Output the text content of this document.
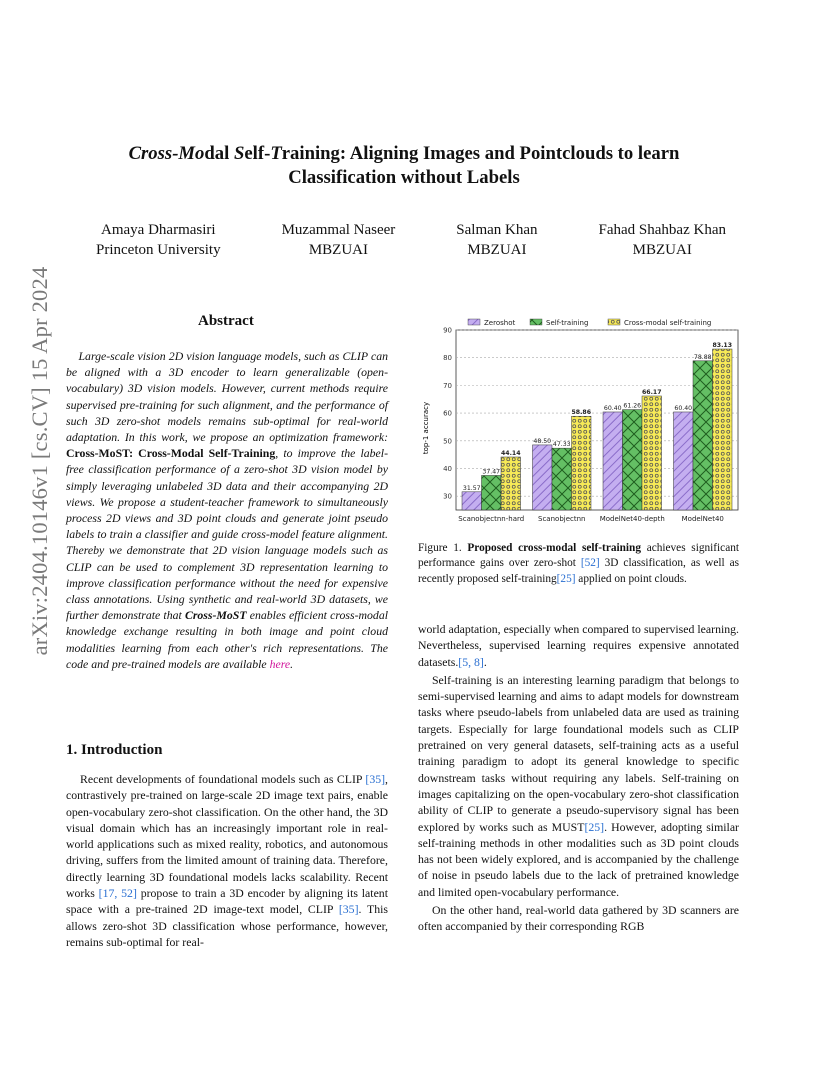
arXiv:2404.10146v1 [cs.CV] 15 Apr 2024
Cross-Modal Self-Training: Aligning Images and Pointclouds to learn
Classification without Labels
Amaya Dharmasiri
Princeton University
Muzammal Naseer
MBZUAI
Salman Khan
MBZUAI
Fahad Shahbaz Khan
MBZUAI
Abstract
Large-scale vision 2D vision language models, such as CLIP can be aligned with a 3D encoder to learn generalizable (open-vocabulary) 3D vision models. However, current methods require supervised pre-training for such alignment, and the performance of such 3D zero-shot models remains sub-optimal for real-world adaptation. In this work, we propose an optimization framework: Cross-MoST: Cross-Modal Self-Training, to improve the label-free classification performance of a zero-shot 3D vision model by simply leveraging unlabeled 3D data and their accompanying 2D views. We propose a student-teacher framework to simultaneously process 2D views and 3D point clouds and generate joint pseudo labels to train a classifier and guide cross-model feature alignment. Thereby we demonstrate that 2D vision language models such as CLIP can be used to complement 3D representation learning to improve classification performance without the need for expensive class annotations. Using synthetic and real-world 3D datasets, we further demonstrate that Cross-MoST enables efficient cross-modal knowledge exchange resulting in both image and point cloud modalities learning from each other's rich representations. The code and pre-trained models are available here.
1. Introduction

Recent developments of foundational models such as CLIP [35], contrastively pre-trained on large-scale 2D image text pairs, enable open-vocabulary zero-shot classification. On the other hand, the 3D visual domain which has an increasingly important role in real-world applications such as mixed reality, robotics, and autonomous driving, suffers from the limited amount of training data. Therefore, directly learning 3D foundational models lacks scalability. Recent works [17, 52] propose to train a 3D encoder by aligning its latent space with a pre-trained 2D image-text model, CLIP [35]. This allows zero-shot 3D classification whose performance, however, remains sub-optimal for real-

30
40
50
60
70
80
90
31.57
37.47
44.14
Scanobjectnn-hard
48.50 47.33
58.86
Scanobjectnn
60.40 61.26
66.17
ModelNet40-depth
60.40
78.88
83.13
ModelNet40
top-1 accuracy
Zeroshot	Self-training	Cross-modal self-training
Figure 1. Proposed cross-modal self-training achieves significant performance gains over zero-shot [52] 3D classification, as well as recently proposed self-training[25] applied on point clouds.

world adaptation, especially when compared to supervised learning. Nevertheless, supervised learning requires expensive annotated datasets.[5, 8].

Self-training is an interesting learning paradigm that belongs to semi-supervised learning and aims to adapt models for downstream tasks where pseudo-labels from unlabeled data are used as training targets. Especially for large foundational models such as CLIP pretrained on very general datasets, self-training acts as a useful training paradigm to adopt its general knowledge to specific downstream tasks without requiring any labels. Self-training on images capitalizing on the open-vocabulary zero-shot classification ability of CLIP to generate a pseudo-supervisory signal has been explored by works such as MUST[25]. However, adopting similar self-training methods in other modalities such as 3D point clouds has not been widely explored, and is accompanied by the challenge of noise in pseudo labels due to the lack of pretrained knowledge and limited open-vocabulary performance.

On the other hand, real-world data gathered by 3D scanners are often accompanied by their corresponding RGB
